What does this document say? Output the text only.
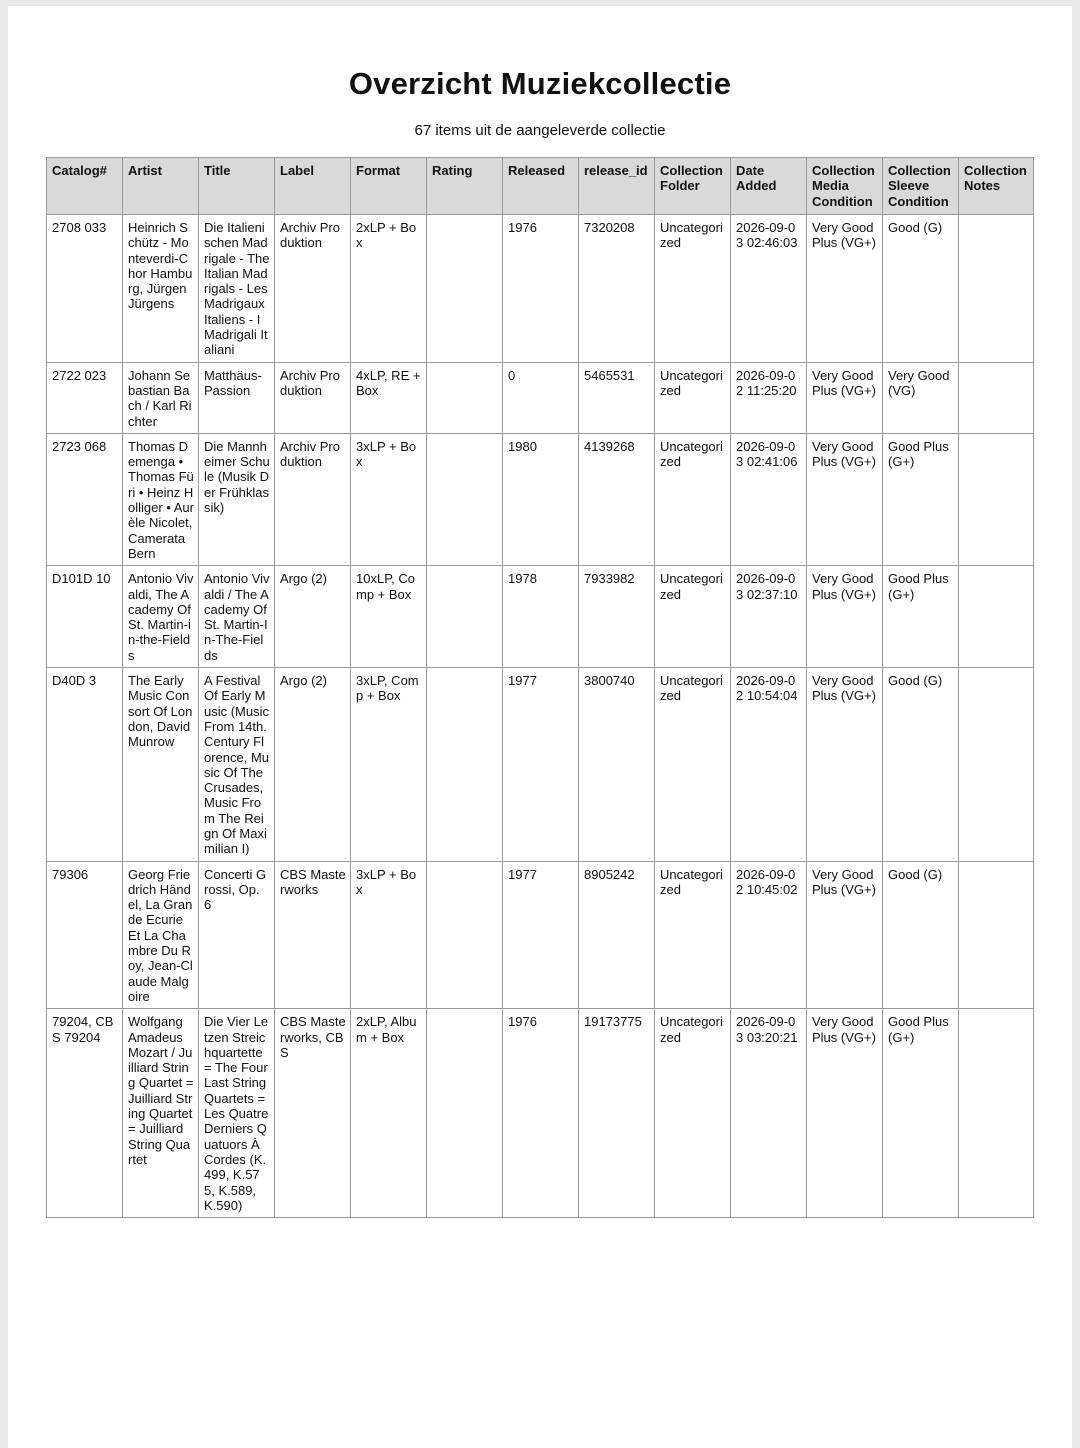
Overzicht Muziekcollectie
67 items uit de aangeleverde collectie
Catalog#	Artist	Title	Label	Format	Rating	Released	release_id	Collection Folder	Date Added	Collection Media Condition	Collection Sleeve Condition	Collection Notes
2708 033	Heinrich Schütz - Monteverdi-Chor Hamburg, Jürgen Jürgens	Die Italienischen Madrigale - The Italian Madrigals - Les Madrigaux Italiens - I Madrigali Italiani	Archiv Produktion	2xLP + Box		1976	7320208	Uncategorized	2026-09-03 02:46:03	Very Good Plus (VG+)	Good (G)	
2722 023	Johann Sebastian Bach / Karl Richter	Matthäus-Passion	Archiv Produktion	4xLP, RE + Box		0	5465531	Uncategorized	2026-09-02 11:25:20	Very Good Plus (VG+)	Very Good (VG)	
2723 068	Thomas Demenga • Thomas Füri • Heinz Holliger • Aurèle Nicolet, Camerata Bern	Die Mannheimer Schule (Musik Der Frühklassik)	Archiv Produktion	3xLP + Box		1980	4139268	Uncategorized	2026-09-03 02:41:06	Very Good Plus (VG+)	Good Plus (G+)	
D101D 10	Antonio Vivaldi, The Academy Of St. Martin-in-the-Fields	Antonio Vivaldi / The Academy Of St. Martin-In-The-Fields	Argo (2)	10xLP, Comp + Box		1978	7933982	Uncategorized	2026-09-03 02:37:10	Very Good Plus (VG+)	Good Plus (G+)	
D40D 3	The Early Music Consort Of London, David Munrow	A Festival Of Early Music (Music From 14th. Century Florence, Music Of The Crusades, Music From The Reign Of Maximilian I)	Argo (2)	3xLP, Comp + Box		1977	3800740	Uncategorized	2026-09-02 10:54:04	Very Good Plus (VG+)	Good (G)	
79306	Georg Friedrich Händel, La Grande Ecurie Et La Chambre Du Roy, Jean-Claude Malgoire	Concerti Grossi, Op. 6	CBS Masterworks	3xLP + Box		1977	8905242	Uncategorized	2026-09-02 10:45:02	Very Good Plus (VG+)	Good (G)	
79204, CBS 79204	Wolfgang Amadeus Mozart / Juilliard String Quartet = Juilliard String Quartet = Juilliard String Quartet	Die Vier Letzen Streichquartette = The Four Last String Quartets = Les Quatre Derniers Quatuors À Cordes (K.499, K.575, K.589, K.590)	CBS Masterworks, CBS	2xLP, Album + Box		1976	19173775	Uncategorized	2026-09-03 03:20:21	Very Good Plus (VG+)	Good Plus (G+)	
